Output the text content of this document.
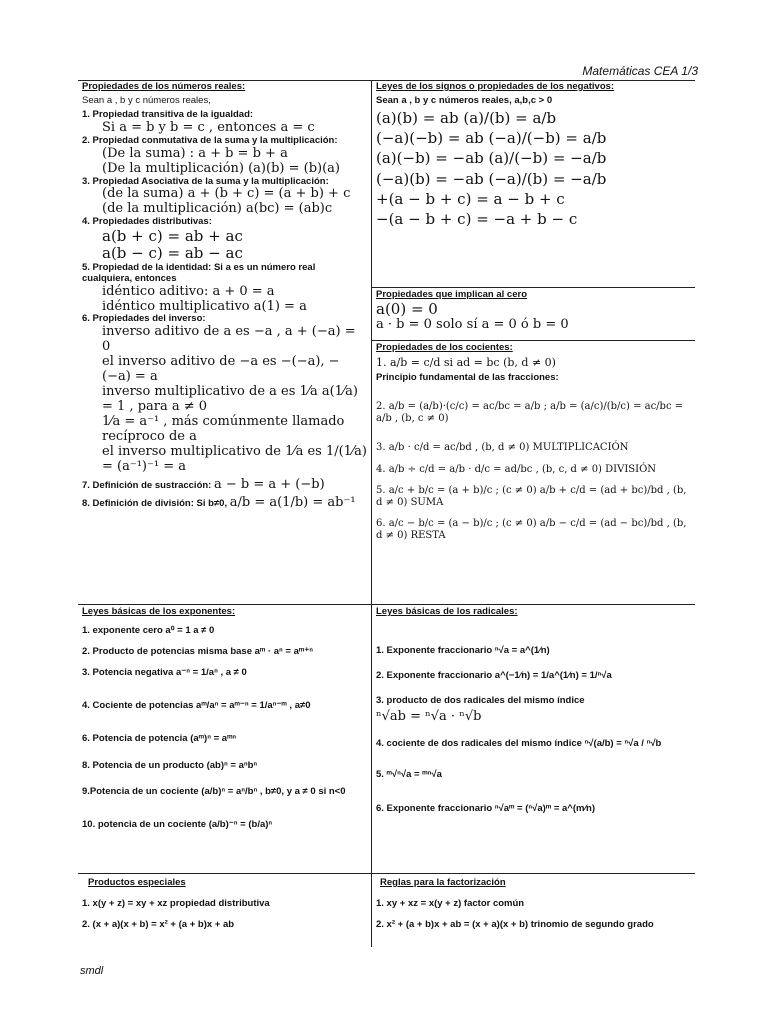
Matemáticas CEA 1/3
Propiedades de los números reales:
Sean a , b y c números reales,
1. Propiedad transitiva de la igualdad:
Si a = b y b = c , entonces a = c
2. Propiedad conmutativa de la suma y la multiplicación:
(De la suma) : a + b = b + a
(De la multiplicación) (a)(b) = (b)(a)
3. Propiedad Asociativa de la suma y la multiplicación:
(de la suma) a + (b + c) = (a + b) + c
(de la multiplicación) a(bc) = (ab)c
4. Propiedades distributivas:
a(b + c) = ab + ac
a(b − c) = ab − ac
5. Propiedad de la identidad: Si a es un número real cualquiera, entonces
idéntico aditivo: a + 0 = a
idéntico multiplicativo a(1) = a
6. Propiedades del inverso:
inverso aditivo de a es −a , a + (−a) = 0
el inverso aditivo de −a es −(−a), −(−a) = a
inverso multiplicativo de a es 1⁄a a(1⁄a) = 1 , para a ≠ 0
1⁄a = a⁻¹ , más comúnmente llamado recíproco de a
el inverso multiplicativo de 1⁄a es 1/(1⁄a) = (a⁻¹)⁻¹ = a
7. Definición de sustracción: a − b = a + (−b)
8. Definición de división: Si b≠0, a/b = a(1/b) = ab⁻¹
Leyes de los signos o propiedades de los negativos:
Sean a , b y c números reales, a,b,c > 0
(a)(b) = ab (a)/(b) = a/b
(−a)(−b) = ab (−a)/(−b) = a/b
(a)(−b) = −ab (a)/(−b) = −a/b
(−a)(b) = −ab (−a)/(b) = −a/b
+(a − b + c) = a − b + c
−(a − b + c) = −a + b − c
Propiedades que implican al cero
a(0) = 0
a · b = 0 solo sí a = 0 ó b = 0
Propiedades de los cocientes:
1. a/b = c/d si ad = bc (b, d ≠ 0)
Principio fundamental de las fracciones:
2. a/b = (a/b)·(c/c) = ac/bc = a/b ; a/b = (a/c)/(b/c) = ac/bc = a/b , (b, c ≠ 0)
3. a/b · c/d = ac/bd , (b, d ≠ 0) MULTIPLICACIÓN
4. a/b ÷ c/d = a/b · d/c = ad/bc , (b, c, d ≠ 0) DIVISIÓN
5. a/c + b/c = (a + b)/c ; (c ≠ 0) a/b + c/d = (ad + bc)/bd , (b, d ≠ 0) SUMA
6. a/c − b/c = (a − b)/c ; (c ≠ 0) a/b − c/d = (ad − bc)/bd , (b, d ≠ 0) RESTA
Leyes básicas de los exponentes:
1. exponente cero a⁰ = 1 a ≠ 0
2. Producto de potencias misma base aᵐ · aⁿ = aᵐ⁺ⁿ
3. Potencia negativa a⁻ⁿ = 1/aⁿ , a ≠ 0
4. Cociente de potencias aᵐ/aⁿ = aᵐ⁻ⁿ = 1/aⁿ⁻ᵐ , a≠0
6. Potencia de potencia (aᵐ)ⁿ = aᵐⁿ
8. Potencia de un producto (ab)ⁿ = aⁿbⁿ
9.Potencia de un cociente (a/b)ⁿ = aⁿ/bⁿ , b≠0, y a ≠ 0 si n<0
10. potencia de un cociente (a/b)⁻ⁿ = (b/a)ⁿ
Leyes básicas de los radicales:
1. Exponente fraccionario ⁿ√a = a^(1⁄n)
2. Exponente fraccionario a^(−1⁄n) = 1/a^(1⁄n) = 1/ⁿ√a
3. producto de dos radicales del mismo índice
ⁿ√ab = ⁿ√a · ⁿ√b
4. cociente de dos radicales del mismo índice ⁿ√(a/b) = ⁿ√a / ⁿ√b
5. ᵐ√ⁿ√a = ᵐⁿ√a
6. Exponente fraccionario ⁿ√aᵐ = (ⁿ√a)ᵐ = a^(m⁄n)
Productos especiales
1. x(y + z) = xy + xz propiedad distributiva
2. (x + a)(x + b) = x² + (a + b)x + ab
Reglas para la factorización
1. xy + xz = x(y + z) factor común
2. x² + (a + b)x + ab = (x + a)(x + b) trinomio de segundo grado
smdl
